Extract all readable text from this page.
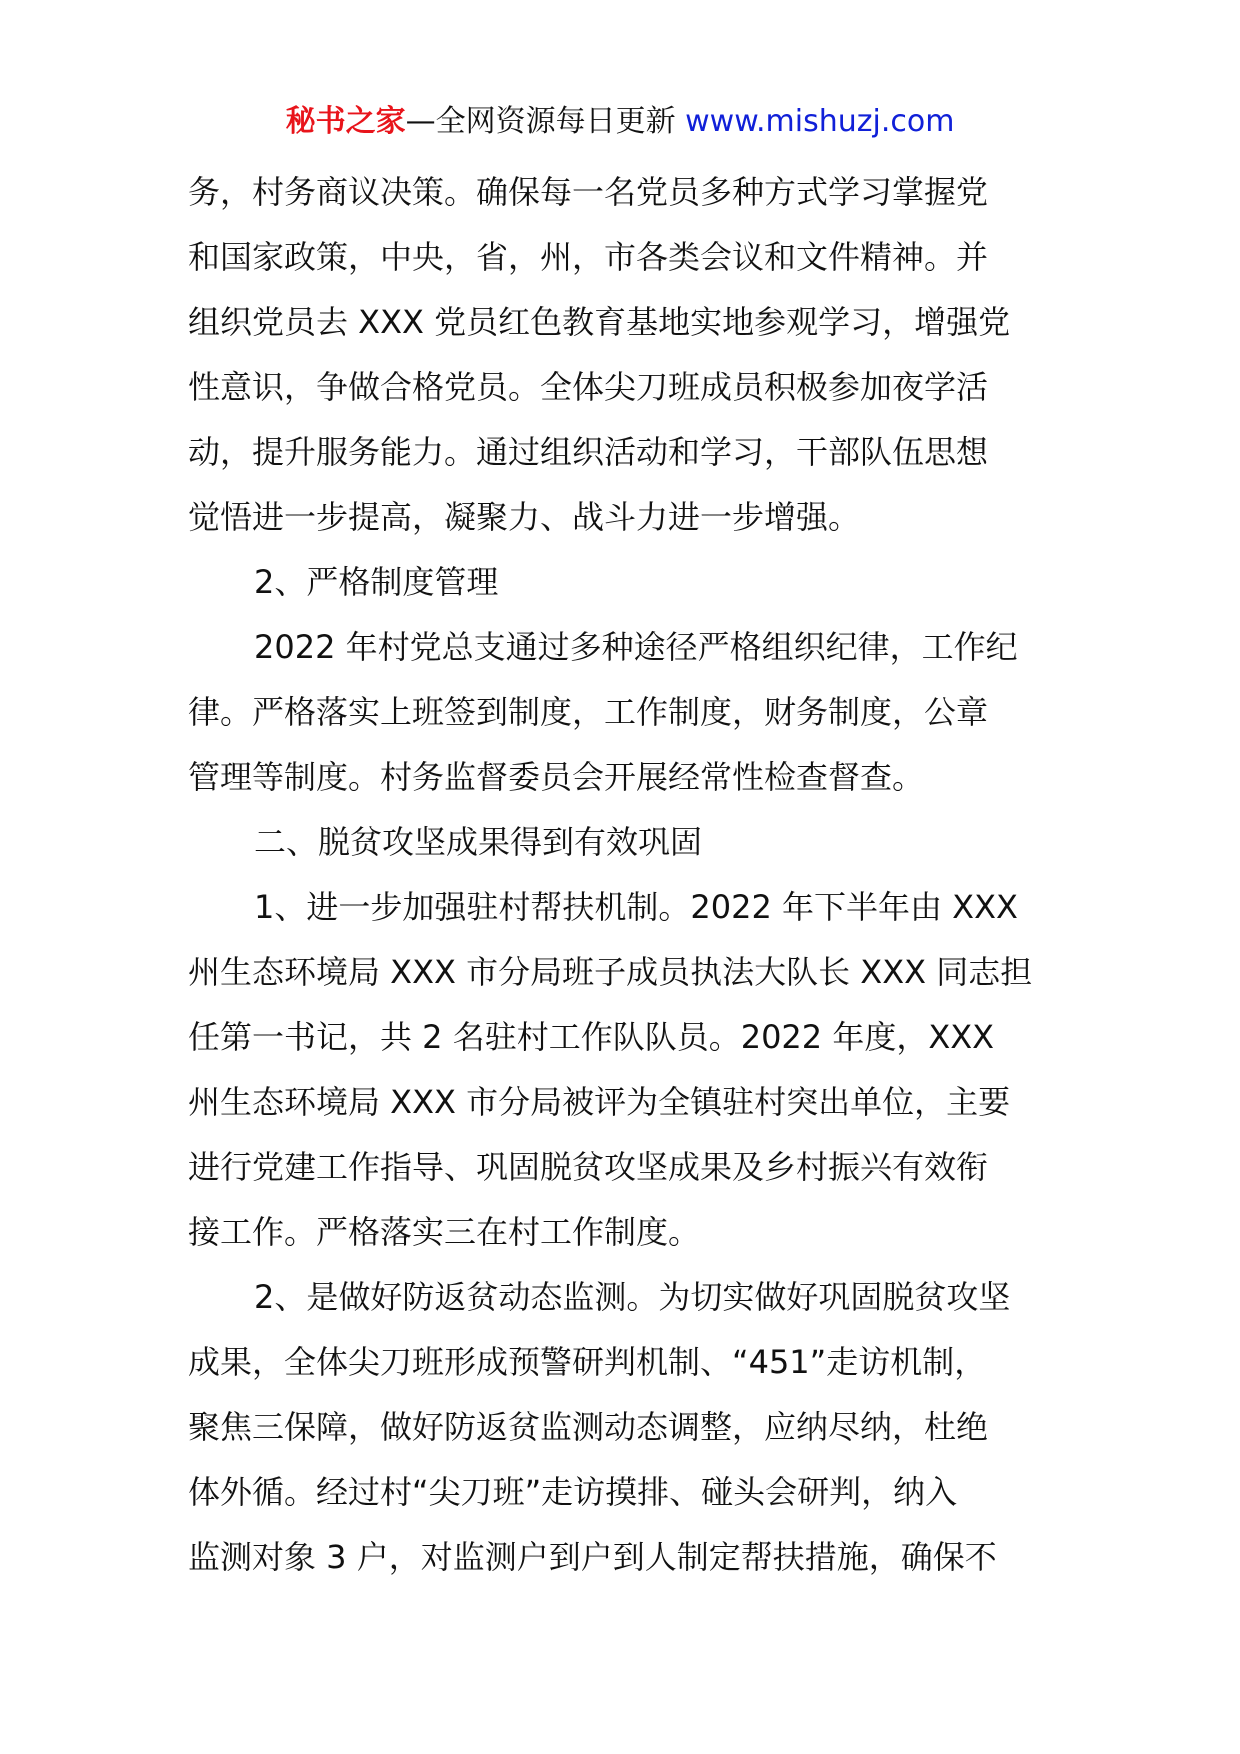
秘书之家—全网资源每日更新 www.mishuzj.com
务，村务商议决策。确保每一名党员多种方式学习掌握党
和国家政策，中央，省，州，市各类会议和文件精神。并
组织党员去 XXX 党员红色教育基地实地参观学习，增强党
性意识，争做合格党员。全体尖刀班成员积极参加夜学活
动，提升服务能力。通过组织活动和学习，干部队伍思想
觉悟进一步提高，凝聚力、战斗力进一步增强。
2、严格制度管理
2022 年村党总支通过多种途径严格组织纪律，工作纪
律。严格落实上班签到制度，工作制度，财务制度，公章
管理等制度。村务监督委员会开展经常性检查督查。
二、脱贫攻坚成果得到有效巩固
1、进一步加强驻村帮扶机制。2022 年下半年由 XXX
州生态环境局 XXX 市分局班子成员执法大队长 XXX 同志担
任第一书记，共 2 名驻村工作队队员。2022 年度，XXX
州生态环境局 XXX 市分局被评为全镇驻村突出单位，主要
进行党建工作指导、巩固脱贫攻坚成果及乡村振兴有效衔
接工作。严格落实三在村工作制度。
2、是做好防返贫动态监测。为切实做好巩固脱贫攻坚
成果，全体尖刀班形成预警研判机制、“451”走访机制，
聚焦三保障，做好防返贫监测动态调整，应纳尽纳，杜绝
体外循。经过村“尖刀班”走访摸排、碰头会研判，纳入
监测对象 3 户，对监测户到户到人制定帮扶措施，确保不
